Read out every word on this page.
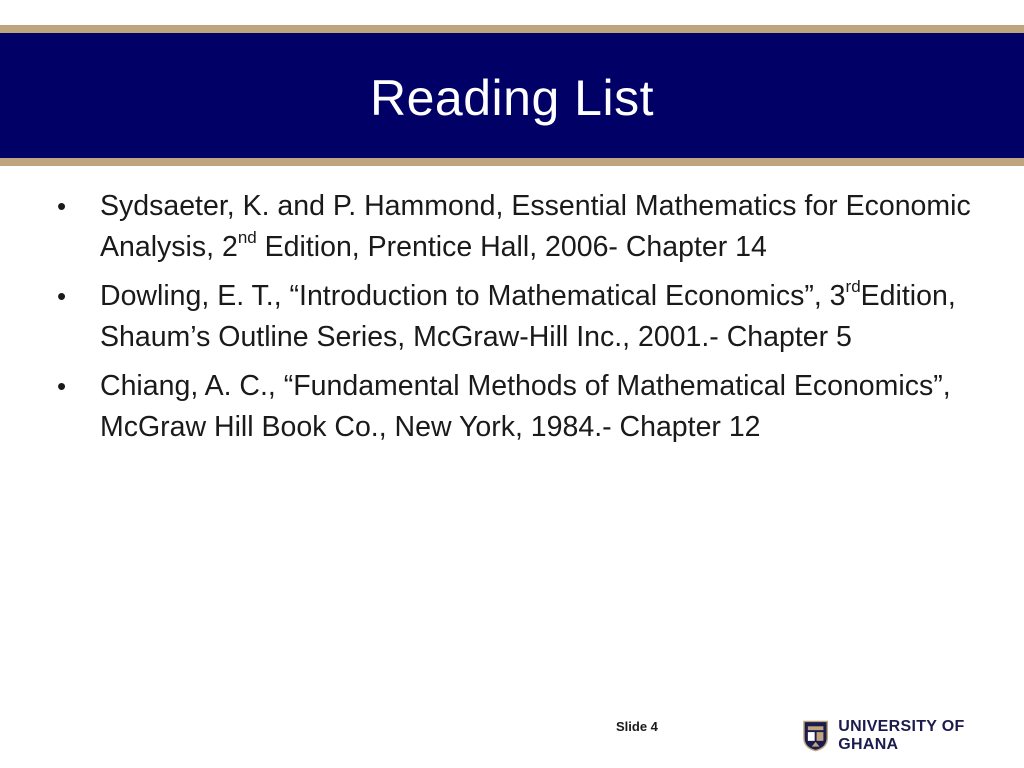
Reading List
•	Sydsaeter, K. and P. Hammond, Essential Mathematics for Economic Analysis, 2nd Edition, Prentice Hall, 2006- Chapter 14
•	Dowling, E. T., “Introduction to Mathematical Economics”, 3rdEdition, Shaum’s Outline Series, McGraw-Hill Inc., 2001.- Chapter 5
•	Chiang, A. C., “Fundamental Methods of Mathematical Economics”, McGraw Hill Book Co., New York, 1984.- Chapter 12
Slide 4	UNIVERSITY OF GHANA
